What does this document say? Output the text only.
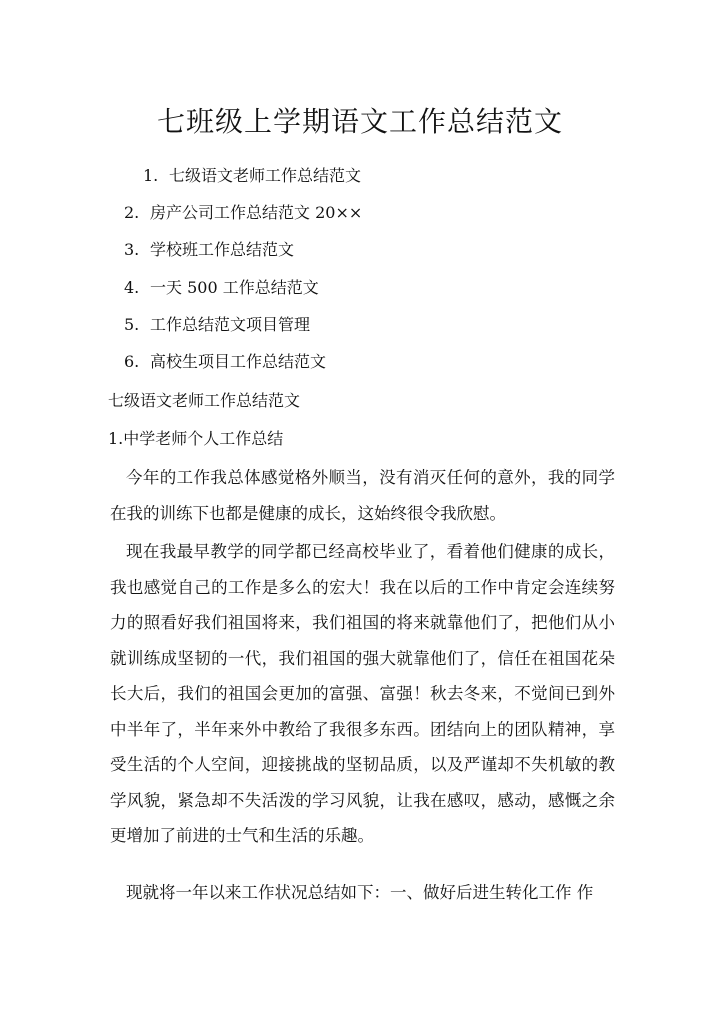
七班级上学期语文工作总结范文
1. 七级语文老师工作总结范文
2. 房产公司工作总结范文 20××
3. 学校班工作总结范文
4. 一天 500 工作总结范文
5. 工作总结范文项目管理
6. 高校生项目工作总结范文
七级语文老师工作总结范文
1.中学老师个人工作总结

今年的工作我总体感觉格外顺当，没有消灭任何的意外，我的同学在我的训练下也都是健康的成长，这始终很令我欣慰。

现在我最早教学的同学都已经高校毕业了，看着他们健康的成长，我也感觉自己的工作是多么的宏大！我在以后的工作中肯定会连续努力的照看好我们祖国将来，我们祖国的将来就靠他们了，把他们从小就训练成坚韧的一代，我们祖国的强大就靠他们了，信任在祖国花朵长大后，我们的祖国会更加的富强、富强！秋去冬来，不觉间已到外中半年了，半年来外中教给了我很多东西。团结向上的团队精神，享受生活的个人空间，迎接挑战的坚韧品质，以及严谨却不失机敏的教学风貌，紧急却不失活泼的学习风貌，让我在感叹，感动，感慨之余更增加了前进的士气和生活的乐趣。

现就将一年以来工作状况总结如下：一、做好后进生转化工作 作
